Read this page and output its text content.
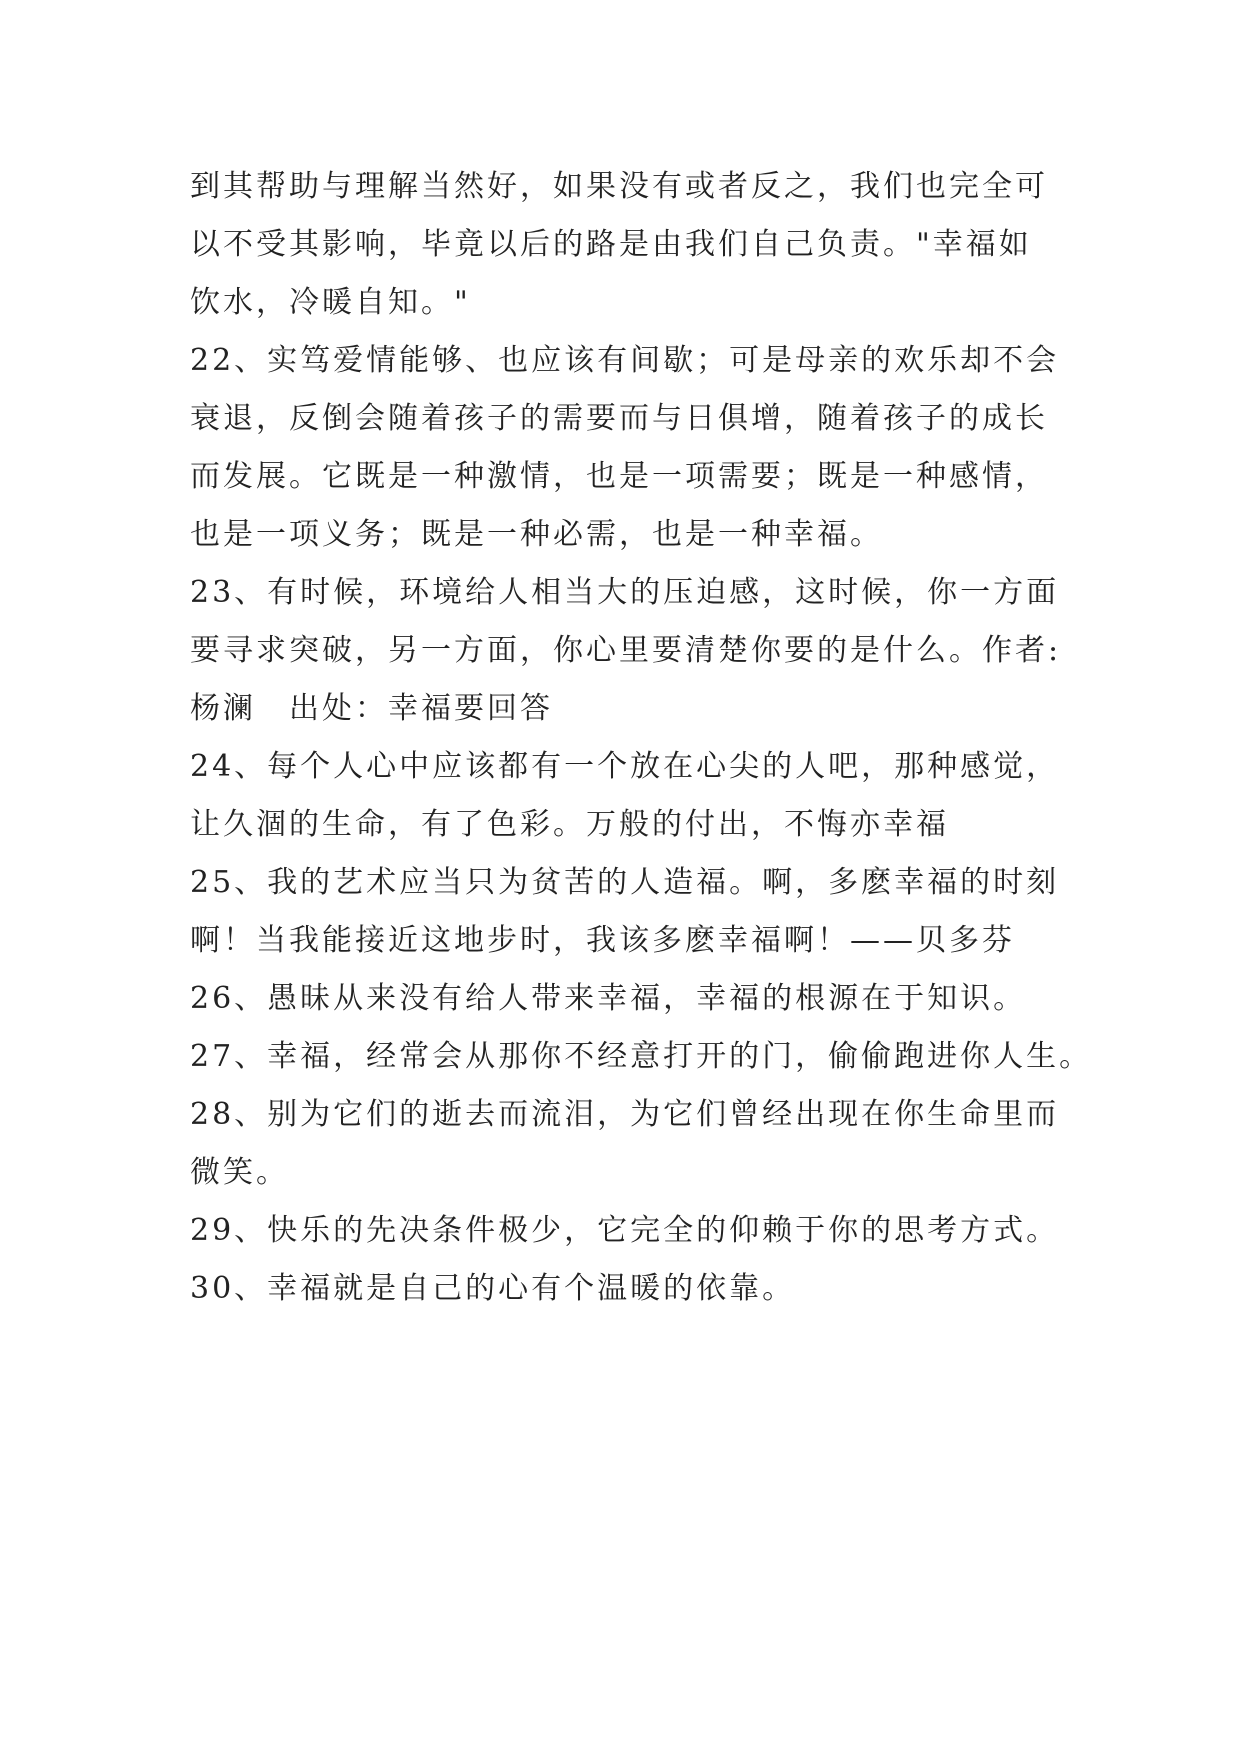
到其帮助与理解当然好，如果没有或者反之，我们也完全可
以不受其影响，毕竟以后的路是由我们自己负责。"幸福如
饮水，冷暖自知。"
22、实笃爱情能够、也应该有间歇；可是母亲的欢乐却不会
衰退，反倒会随着孩子的需要而与日俱增，随着孩子的成长
而发展。它既是一种激情，也是一项需要；既是一种感情，
也是一项义务；既是一种必需，也是一种幸福。
23、有时候，环境给人相当大的压迫感，这时候，你一方面
要寻求突破，另一方面，你心里要清楚你要的是什么。作者:
杨澜　出处：幸福要回答
24、每个人心中应该都有一个放在心尖的人吧，那种感觉，
让久涸的生命，有了色彩。万般的付出，不悔亦幸福
25、我的艺术应当只为贫苦的人造福。啊，多麽幸福的时刻
啊！当我能接近这地步时，我该多麽幸福啊！——贝多芬
26、愚昧从来没有给人带来幸福，幸福的根源在于知识。
27、幸福，经常会从那你不经意打开的门，偷偷跑进你人生。
28、别为它们的逝去而流泪，为它们曾经出现在你生命里而
微笑。
29、快乐的先决条件极少，它完全的仰赖于你的思考方式。
30、幸福就是自己的心有个温暖的依靠。
